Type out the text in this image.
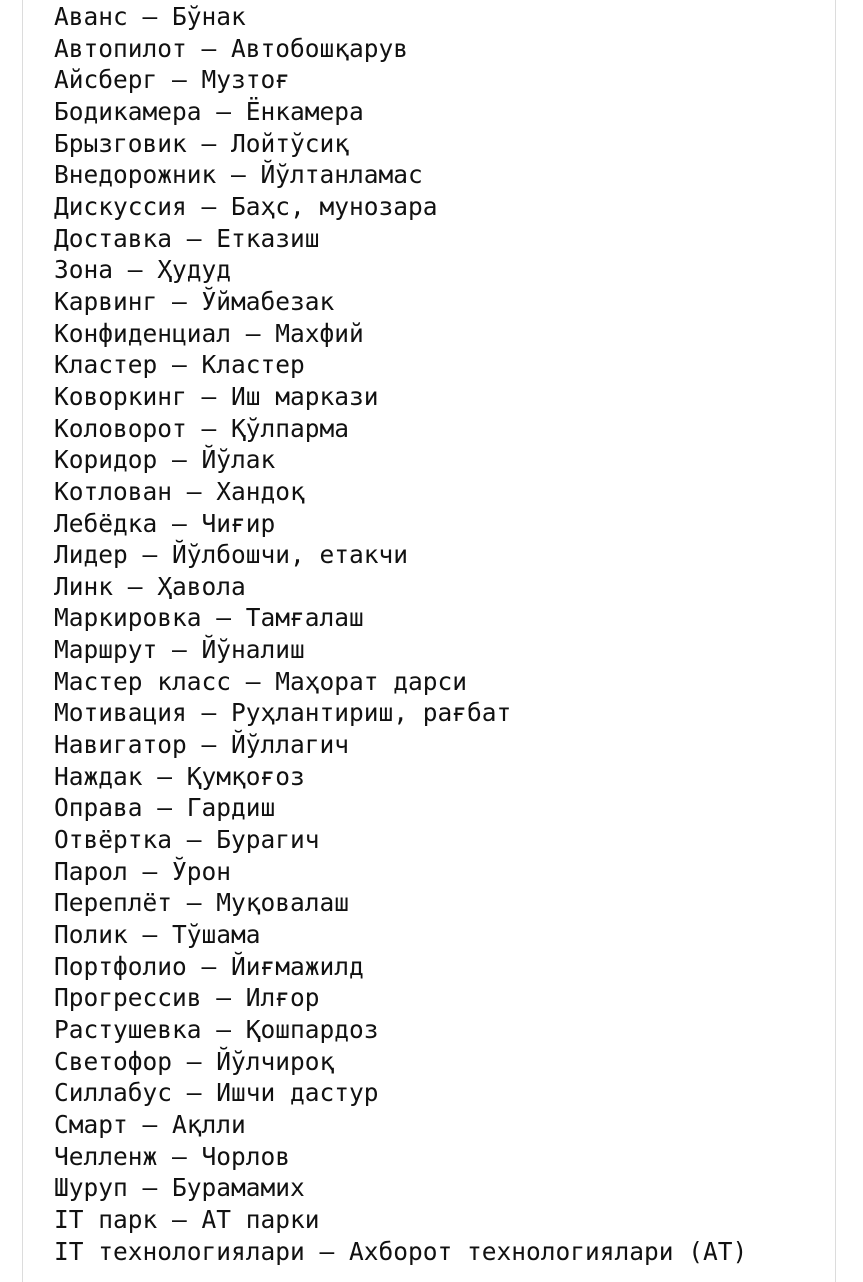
Аванс — Бўнак
Автопилот — Автобошқарув
Айсберг — Музтоғ
Бодикамера — Ёнкамера
Брызговик — Лойтўсиқ
Внедорожник — Йўлтанламас
Дискуссия — Баҳс, мунозара
Доставка — Етказиш
Зона — Ҳудуд
Карвинг — Ўймабезак
Конфиденциал — Махфий
Кластер — Кластер
Коворкинг — Иш маркази
Коловорот — Қўлпарма
Коридор — Йўлак
Котлован — Хандоқ
Лебёдка — Чиғир
Лидер — Йўлбошчи, етакчи
Линк — Ҳавола
Маркировка — Тамғалаш
Маршрут — Йўналиш
Мастер класс — Маҳорат дарси
Мотивация — Руҳлантириш, рағбат
Навигатор — Йўллагич
Наждак — Қумқоғоз
Оправа — Гардиш
Отвёртка — Бурагич
Парол — Ўрон
Переплёт — Муқовалаш
Полик — Тўшама
Портфолио — Йиғмажилд
Прогрессив — Илғор
Растушевка — Қошпардоз
Светофор — Йўлчироқ
Силлабус — Ишчи дастур
Смарт — Ақлли
Челленж — Чорлов
Шуруп — Бурамамих
IT парк — АТ парки
IT технологиялари — Ахборот технологиялари (АТ)
